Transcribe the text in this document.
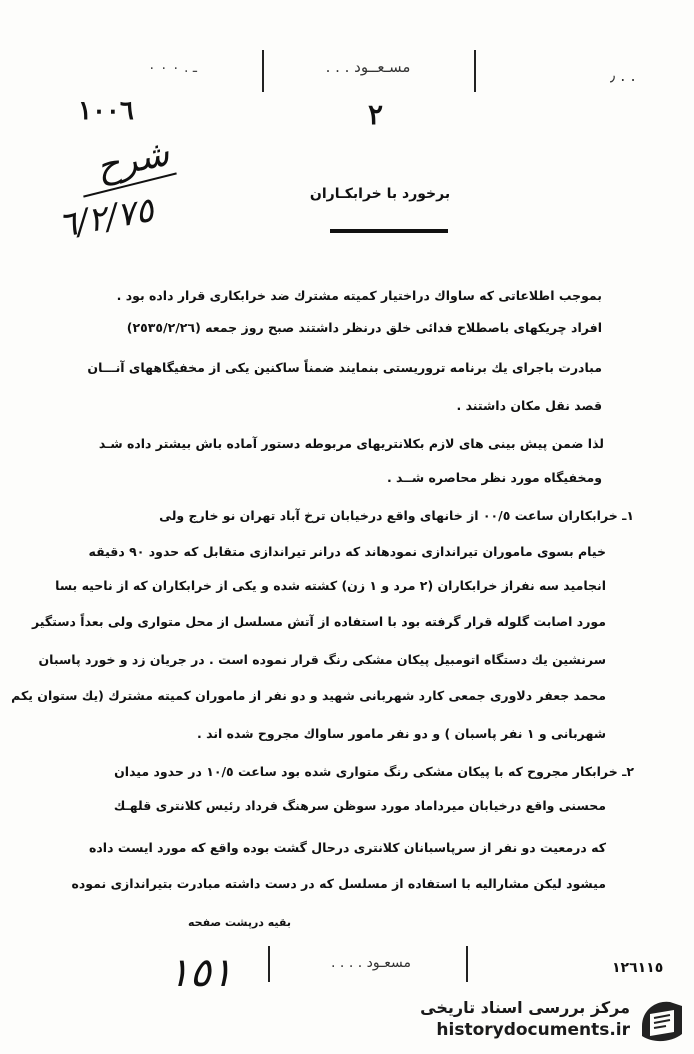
مسـعــود . . .
ـ . ٠ ٠ ٠	٫ . .
١٠٠٦	٢
شرح
٦/٢/٧٥	برخورد با خرابکـاران
بموجب اطلاعاتى كه ساواك دراختيار كميته مشترك ضد خرابكارى قرار داده بود .
افراد چريكهاى باصطلاح فدائى خلق درنظر داشتند صبح روز جمعه (٢٥٣٥/٢/٢٦)
مبادرت باجراى يك برنامه تروريستى بنمايند ضمناً ساكنين يكى از مخفيگاههاى آنـــان
قصد نقل مكان داشتند .
لذا ضمن پيش بينى هاى لازم بكلانتريهاى مربوطه دستور آماده باش بيشتر داده شـد
ومخفيگاه مورد نظر محاصره شــد .
١ـ خرابكاران ساعت ٠٠/٥ از خانهاى واقع درخيابان ترخ آباد تهران نو خارج ولى
خيام بسوى ماموران تيراندازى نمودهاند كه درانر تيراندازى متقابل كه حدود ٩٠ دقيقه
انجاميد سه نفراز خرابكاران (٢ مرد و ١ زن) كشته شده و يكى از خرابكاران كه از ناحيه بسا
مورد اصابت گلوله قرار گرفته بود با استفاده از آتش مسلسل از محل متواری ولى بعداً دستگير
سرنشين يك دستگاه اتومبيل پيكان مشكى رنگ قرار نموده است . در جريان زد و خورد پاسبان
محمد جعفر دلاوری جمعى كارد شهربانى شهيد و دو نفر از ماموران كميته مشترك (يك ستوان يكم
شهربانى و ١ نفر پاسبان ) و دو نفر مامور ساواك مجروح شده اند .
٢ـ خرابكار مجروح كه با پيكان مشكى رنگ متوارى شده بود ساعت ١٠/٥ در حدود ميدان
محسنى واقع درخيابان ميرداماد مورد سوظن سرهنگ فرداد رئيس كلانترى قلهـك
كه درمعيت دو نفر از سرپاسبانان كلانترى درحال گشت بوده واقع كه مورد ايست داده
ميشود ليكن مشاراليه با استفاده از مسلسل كه در دست داشته مبادرت بتيراندازى نموده
بقيه درپشت صفحه
١٥١	مسعـود . . . .	١٢٦١١٥
مرکز بررسی اسناد تاریخی
historydocuments.ir
